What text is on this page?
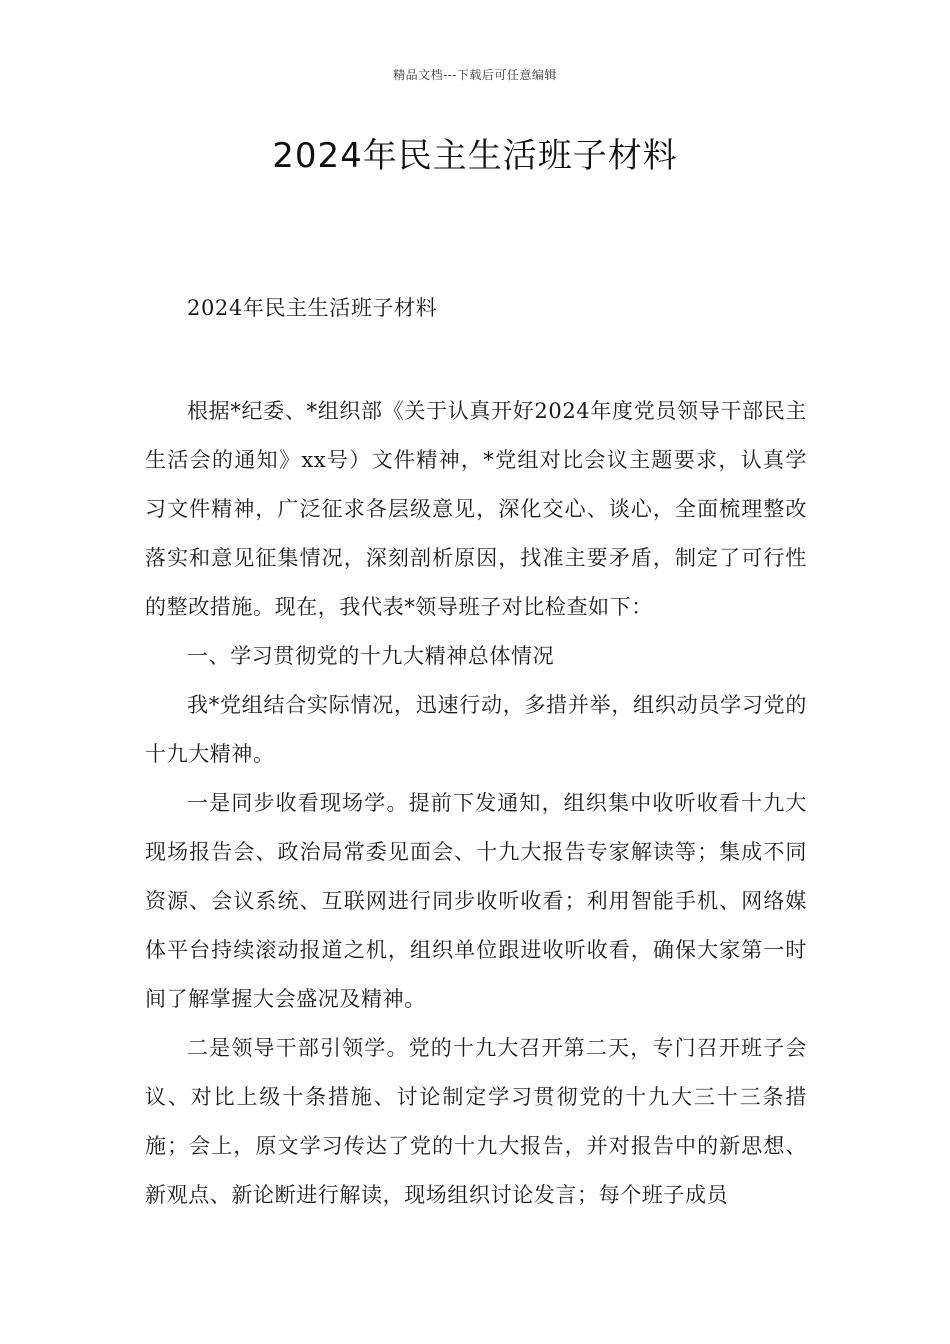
精品文档---下载后可任意编辑
2024年民主生活班子材料
2024年民主生活班子材料

根据*纪委、*组织部《关于认真开好2024年度党员领导干部民主生活会的通知》xx号）文件精神，*党组对比会议主题要求，认真学习文件精神，广泛征求各层级意见，深化交心、谈心，全面梳理整改落实和意见征集情况，深刻剖析原因，找准主要矛盾，制定了可行性的整改措施。现在，我代表*领导班子对比检查如下：

一、学习贯彻党的十九大精神总体情况

我*党组结合实际情况，迅速行动，多措并举，组织动员学习党的十九大精神。

一是同步收看现场学。提前下发通知，组织集中收听收看十九大现场报告会、政治局常委见面会、十九大报告专家解读等；集成不同资源、会议系统、互联网进行同步收听收看；利用智能手机、网络媒体平台持续滚动报道之机，组织单位跟进收听收看，确保大家第一时间了解掌握大会盛况及精神。

二是领导干部引领学。党的十九大召开第二天，专门召开班子会议、对比上级十条措施、讨论制定学习贯彻党的十九大三十三条措施；会上，原文学习传达了党的十九大报告，并对报告中的新思想、新观点、新论断进行解读，现场组织讨论发言；每个班子成员
